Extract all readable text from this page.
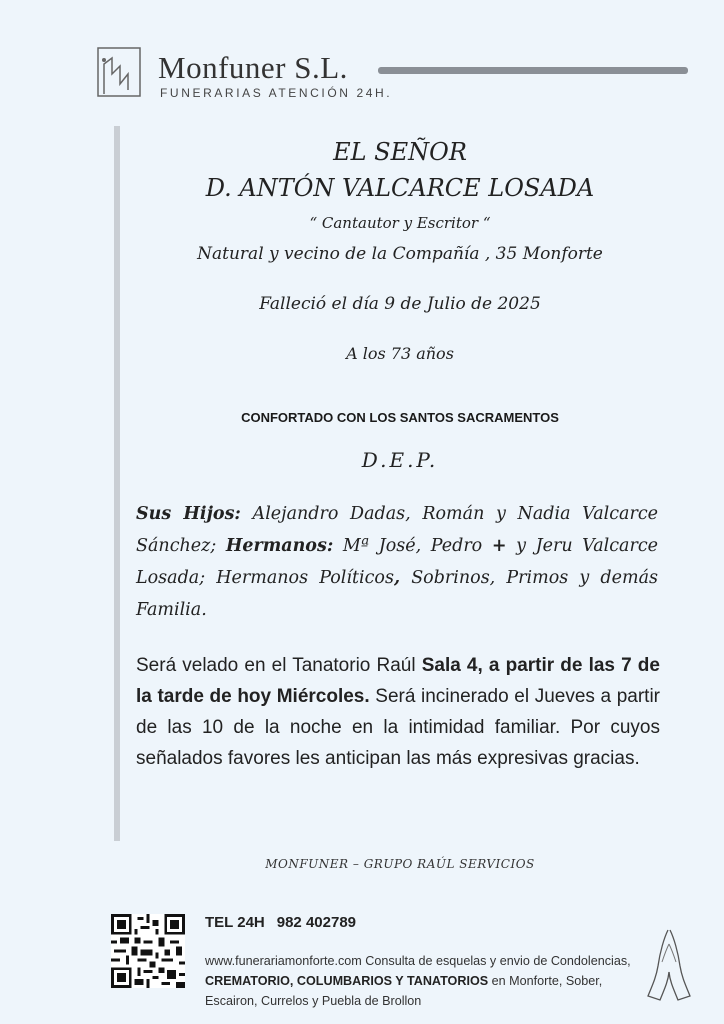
Monfuner S.L.
FUNERARIAS ATENCIÓN 24H.
EL SEÑOR
D. ANTÓN VALCARCE LOSADA
“ Cantautor y Escritor “
Natural y vecino de la Compañía , 35 Monforte
Falleció el día 9 de Julio de 2025
A los 73 años
CONFORTADO CON LOS SANTOS SACRAMENTOS
D.E.P.
Sus Hijos: Alejandro Dadas, Román y Nadia Valcarce Sánchez; Hermanos: Mª José, Pedro + y Jeru Valcarce Losada; Hermanos Políticos, Sobrinos, Primos y demás Familia.
Será velado en el Tanatorio Raúl Sala 4, a partir de las 7 de la tarde de hoy Miércoles. Será incinerado el Jueves a partir de las 10 de la noche en la intimidad familiar. Por cuyos señalados favores les anticipan las más expresivas gracias.
MONFUNER – GRUPO RAÚL SERVICIOS
TEL 24H 982 402789
www.funerariamonforte.com Consulta de esquelas y envio de Condolencias, CREMATORIO, COLUMBARIOS Y TANATORIOS en Monforte, Sober, Escairon, Currelos y Puebla de Brollon
